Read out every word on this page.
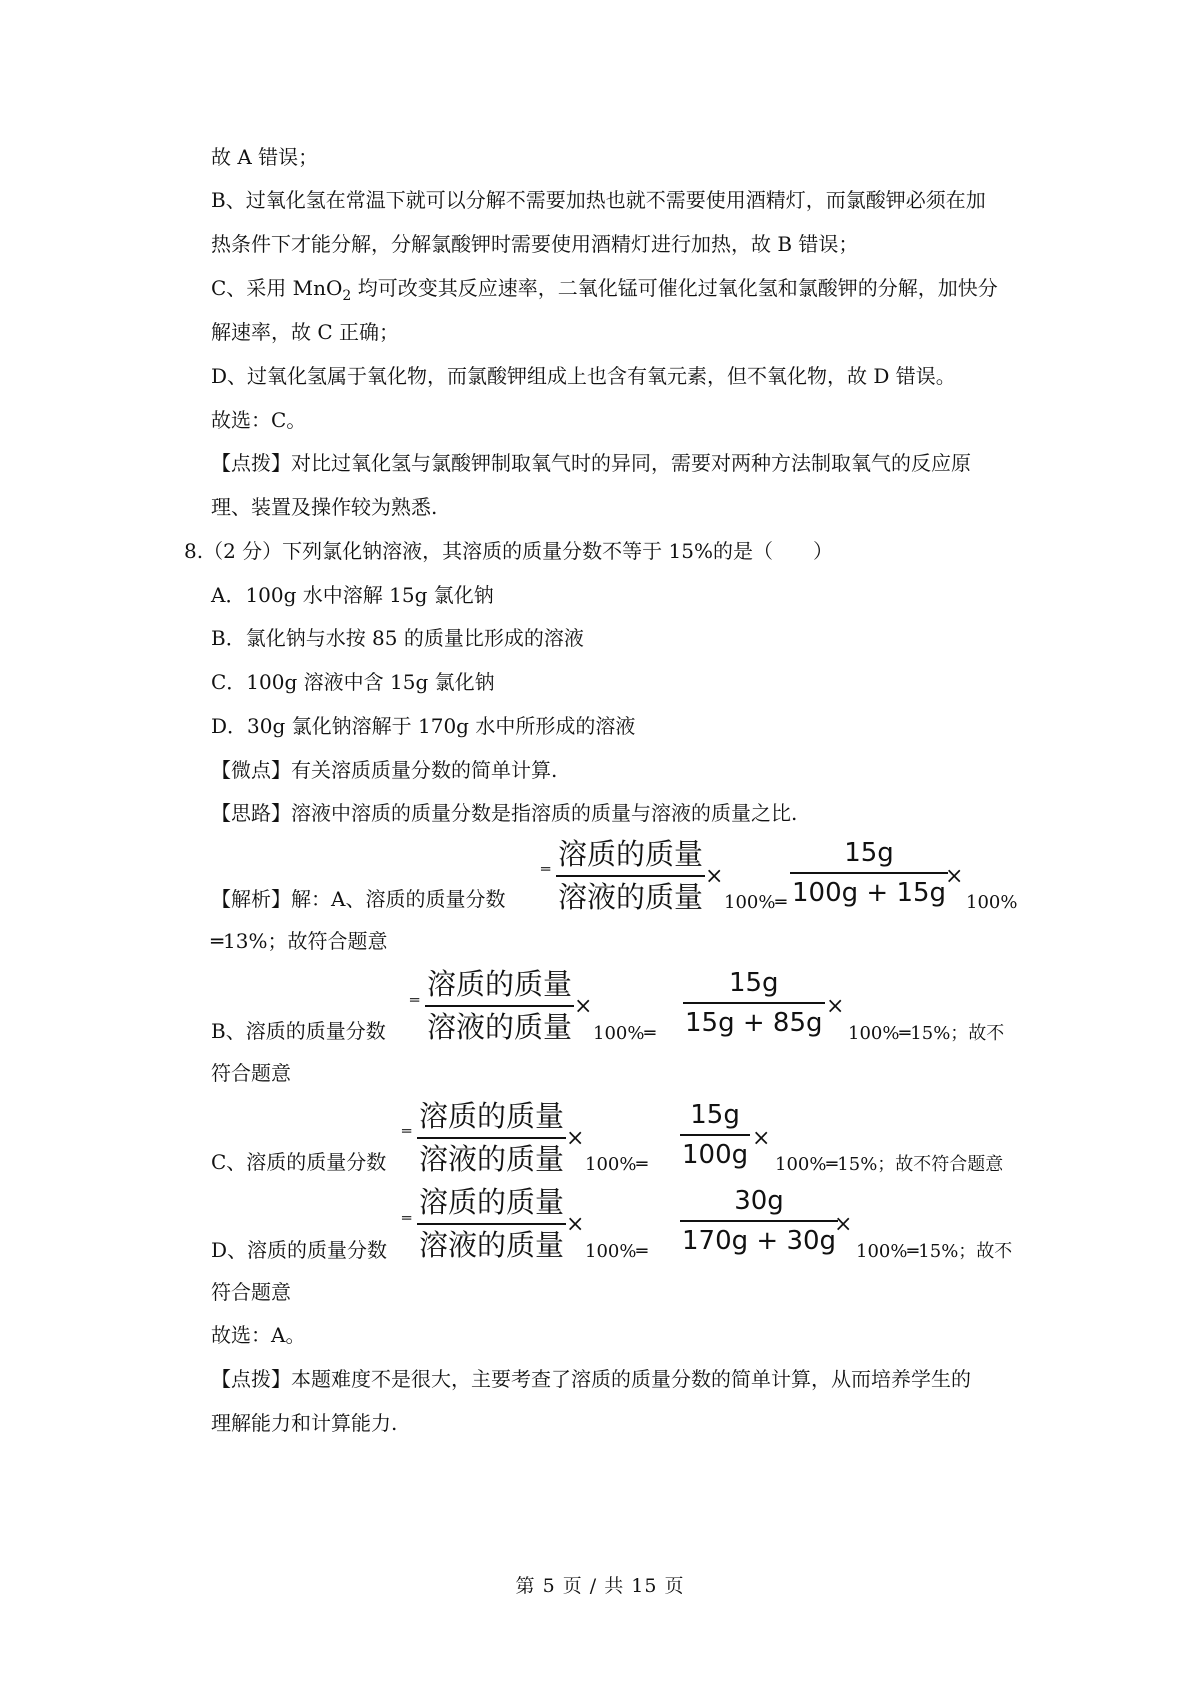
故 A 错误；
B、过氧化氢在常温下就可以分解不需要加热也就不需要使用酒精灯，而氯酸钾必须在加
热条件下才能分解，分解氯酸钾时需要使用酒精灯进行加热，故 B 错误；
C、采用 MnO$_2$ 均可改变其反应速率，二氧化锰可催化过氧化氢和氯酸钾的分解，加快分
解速率，故 C 正确；
D、过氧化氢属于氧化物，而氯酸钾组成上也含有氧元素，但不氧化物，故 D 错误。
故选：C。
【点拨】对比过氧化氢与氯酸钾制取氧气时的异同，需要对两种方法制取氧气的反应原
理、装置及操作较为熟悉.
8.（2 分）下列氯化钠溶液，其溶质的质量分数不等于 15%的是（　　）
A．100g 水中溶解 15g 氯化钠
B．氯化钠与水按 85 的质量比形成的溶液
C．100g 溶液中含 15g 氯化钠
D．30g 氯化钠溶解于 170g 水中所形成的溶液
【微点】有关溶质质量分数的简单计算.
【思路】溶液中溶质的质量分数是指溶质的质量与溶液的质量之比.
【解析】解：A、溶质的质量分数
═ 溶质的质量
溶液的质量
×
100%═
15g
100g + 15g
×
100%
═13%；故符合题意
B、溶质的质量分数
═ 溶质的质量
溶液的质量
×
100%═
15g
15g + 85g
×
100%═15%；故不
符合题意
C、溶质的质量分数
═ 溶质的质量
溶液的质量
×
100%═
15g
100g
×
100%═15%；故不符合题意
D、溶质的质量分数
═ 溶质的质量
溶液的质量
×
100%═
30g
170g + 30g
×
100%═15%；故不
符合题意
故选：A。
【点拨】本题难度不是很大，主要考查了溶质的质量分数的简单计算，从而培养学生的
理解能力和计算能力.
第 5 页 / 共 15 页
